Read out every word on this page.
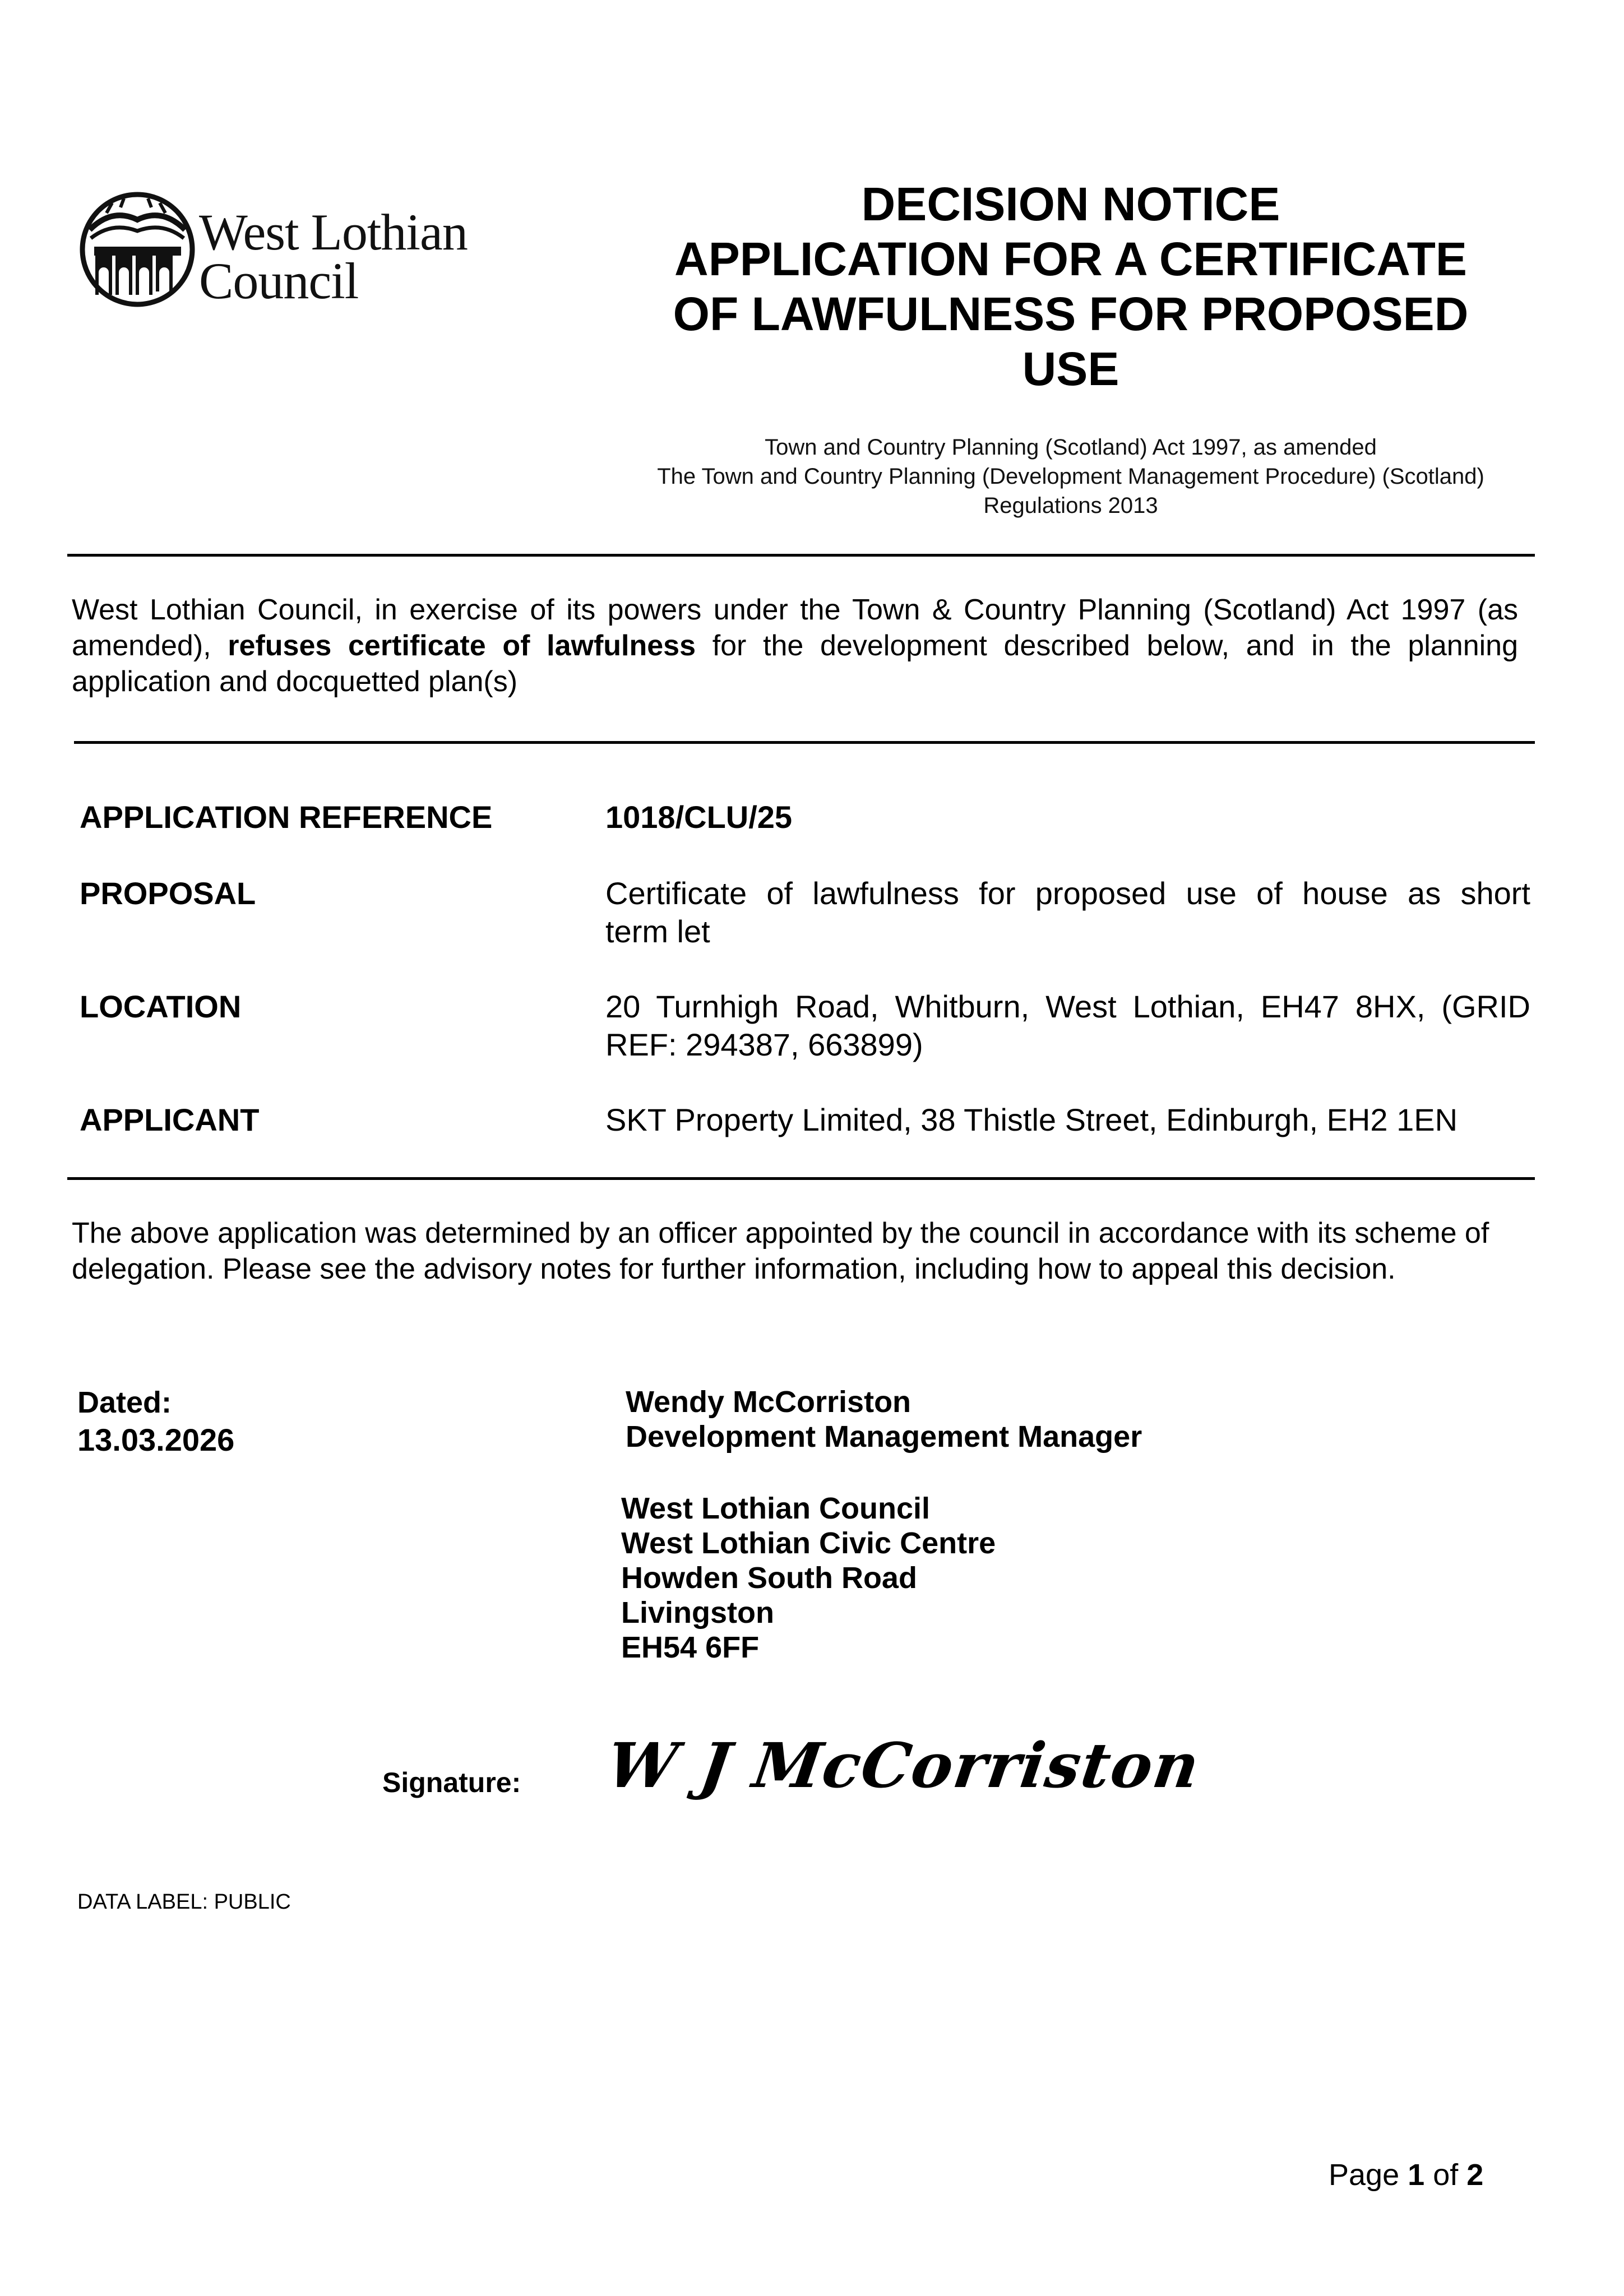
West Lothian
Council
DECISION NOTICE
APPLICATION FOR A CERTIFICATE
OF LAWFULNESS FOR PROPOSED
USE
Town and Country Planning (Scotland) Act 1997, as amended
The Town and Country Planning (Development Management Procedure) (Scotland)
Regulations 2013
West Lothian Council, in exercise of its powers under the Town & Country Planning (Scotland) Act 1997 (as amended), refuses certificate of lawfulness for the development described below, and in the planning application and docquetted plan(s)
APPLICATION REFERENCE	1018/CLU/25
PROPOSAL	Certificate of lawfulness for proposed use of house as short
term let
LOCATION	20 Turnhigh Road, Whitburn, West Lothian, EH47 8HX, (GRID
REF: 294387, 663899)
APPLICANT	SKT Property Limited, 38 Thistle Street, Edinburgh, EH2 1EN
The above application was determined by an officer appointed by the council in accordance with its scheme of delegation. Please see the advisory notes for further information, including how to appeal this decision.
Dated:
13.03.2026
Wendy McCorriston
Development Management Manager
West Lothian Council
West Lothian Civic Centre
Howden South Road
Livingston
EH54 6FF
Signature: W J McCorriston
DATA LABEL: PUBLIC
Page 1 of 2
